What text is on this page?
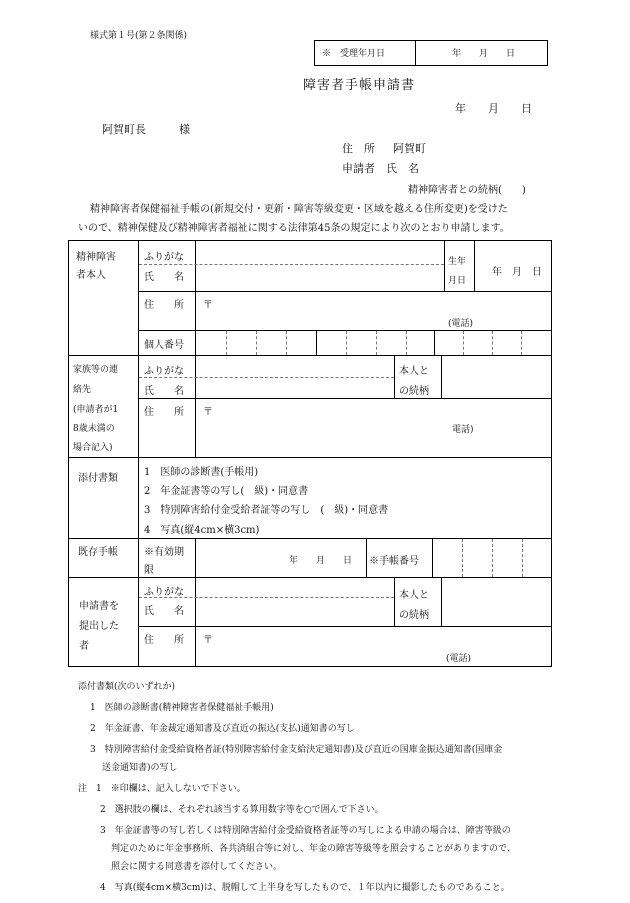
様式第１号(第２条関係)
※　受理年月日	年　　月　　日
障害者手帳申請書
年　　月　　日
阿賀町長　　　様
住　所 阿賀町
申請者　氏　名
精神障害者との続柄(　　)
精神障害者保健福祉手帳の(新規交付・更新・障害等級変更・区域を越える住所変更)を受けた
いので、精神保健及び精神障害者福祉に関する法律第45条の規定により次のとおり申請します。
精神障害
者本人
ふりがな
氏　　名
生年
月日
年　月　日
住　　所 〒
(電話)
個人番号
家族等の連
絡先
(申請者が1
8歳未満の
場合記入)
ふりがな
氏　　名
本人と
の続柄
住　　所 〒
電話)
添付書類
1　医師の診断書(手帳用)
2　年金証書等の写し(　級)・同意書
3　特別障害給付金受給者証等の写し　(　級)・同意書
4　写真(縦4cm×横3cm)
既存手帳	※有効期
限
年　　月　　日 ※手帳番号
申請書を
提出した
者
ふりがな
氏　　名
本人と
の続柄
住　　所 〒
(電話)
添付書類(次のいずれか)
1　医師の診断書(精神障害者保健福祉手帳用)
2　年金証書、年金裁定通知書及び直近の振込(支払)通知書の写し
3　特別障害給付金受給資格者証(特別障害給付金支給決定通知書)及び直近の国庫金振込通知書(国庫金
送金通知書)の写し
注　1　※印欄は、記入しないで下さい。
2　選択肢の欄は、それぞれ該当する算用数字等を○で囲んで下さい。
3　年金証書等の写し若しくは特別障害給付金受給資格者証等の写しによる申請の場合は、障害等級の
判定のために年金事務所、各共済組合等に対し、年金の障害等級等を照会することがありますので、
照会に関する同意書を添付してください。
4　写真(縦4cm×横3cm)は、脱帽して上半身を写したもので、１年以内に撮影したものであること。
